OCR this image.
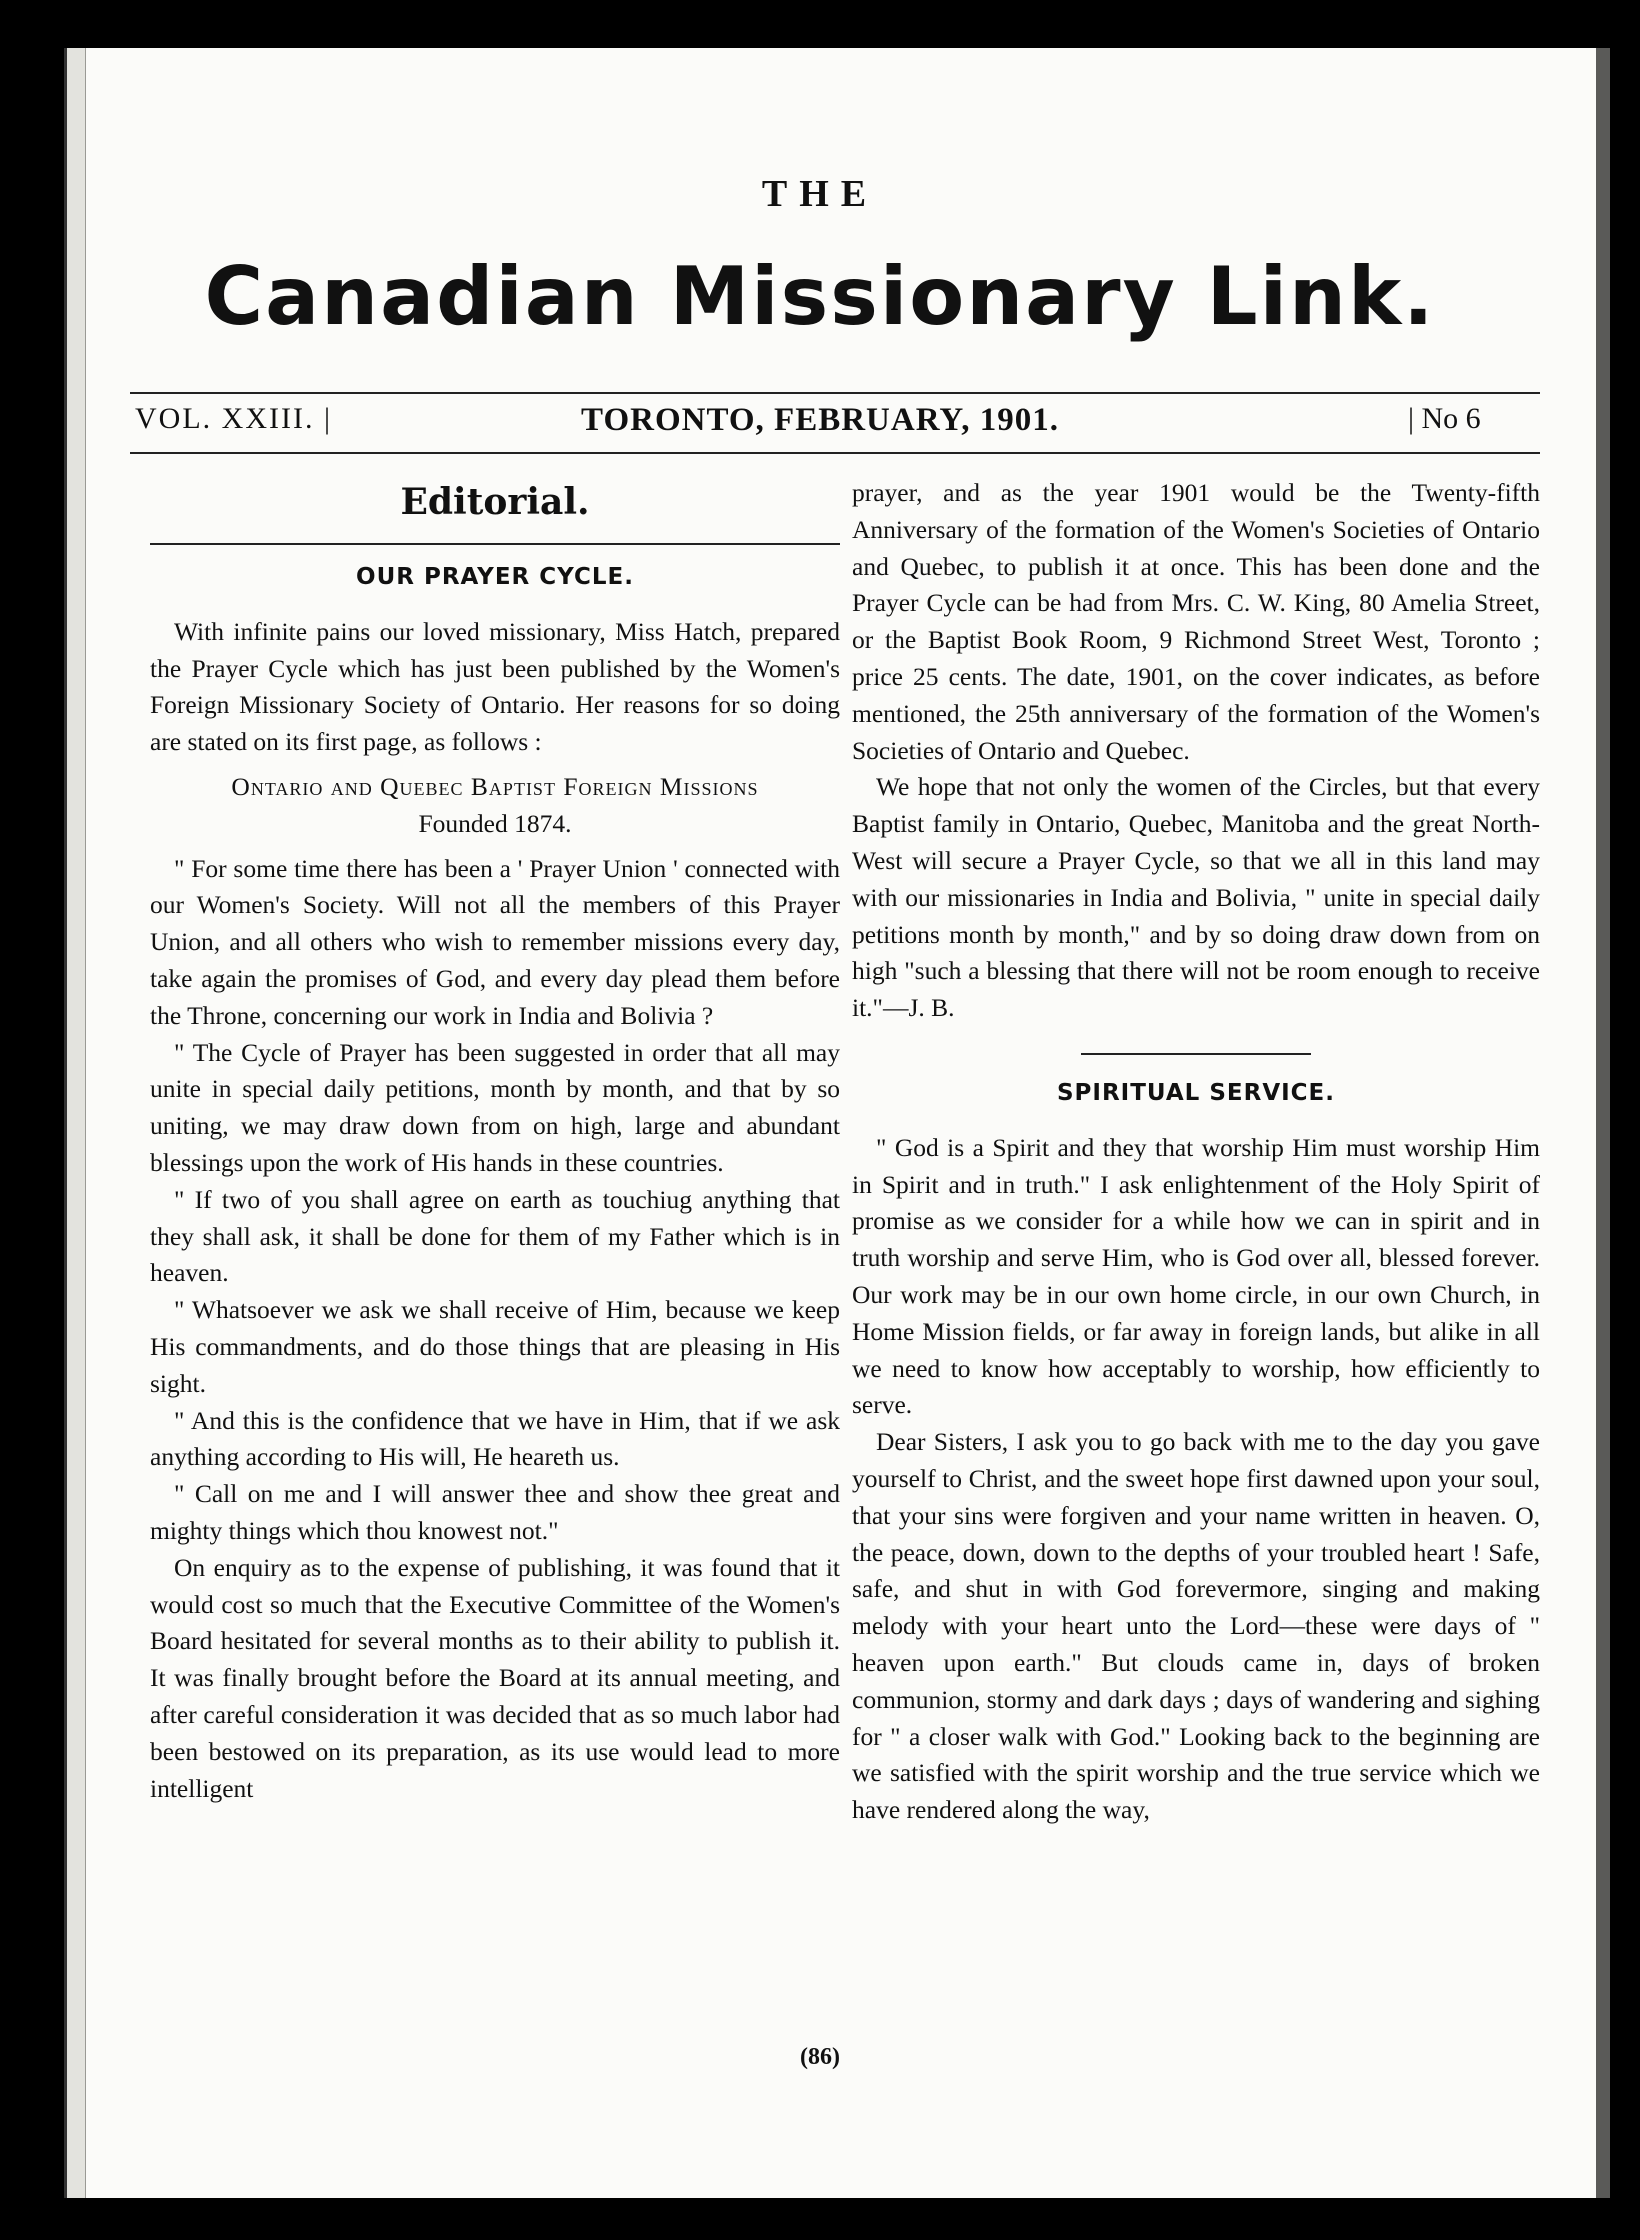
THE
Canadian Missionary Link.
VOL. XXIII. |	TORONTO, FEBRUARY, 1901.	| No 6
Editorial.
OUR PRAYER CYCLE.

With infinite pains our loved missionary, Miss Hatch, prepared the Prayer Cycle which has just been published by the Women's Foreign Missionary Society of Ontario. Her reasons for so doing are stated on its first page, as follows :

Ontario and Quebec Baptist Foreign Missions
Founded 1874.

" For some time there has been a ' Prayer Union ' connected with our Women's Society. Will not all the members of this Prayer Union, and all others who wish to remember missions every day, take again the promises of God, and every day plead them before the Throne, concerning our work in India and Bolivia ?

" The Cycle of Prayer has been suggested in order that all may unite in special daily petitions, month by month, and that by so uniting, we may draw down from on high, large and abundant blessings upon the work of His hands in these countries.

" If two of you shall agree on earth as touchiug anything that they shall ask, it shall be done for them of my Father which is in heaven.

" Whatsoever we ask we shall receive of Him, because we keep His commandments, and do those things that are pleasing in His sight.

" And this is the confidence that we have in Him, that if we ask anything according to His will, He heareth us.

" Call on me and I will answer thee and show thee great and mighty things which thou knowest not."

On enquiry as to the expense of publishing, it was found that it would cost so much that the Executive Committee of the Women's Board hesitated for several months as to their ability to publish it. It was finally brought before the Board at its annual meeting, and after careful consideration it was decided that as so much labor had been bestowed on its preparation, as its use would lead to more intelligent

prayer, and as the year 1901 would be the Twenty-fifth Anniversary of the formation of the Women's Societies of Ontario and Quebec, to publish it at once. This has been done and the Prayer Cycle can be had from Mrs. C. W. King, 80 Amelia Street, or the Baptist Book Room, 9 Richmond Street West, Toronto ; price 25 cents. The date, 1901, on the cover indicates, as before mentioned, the 25th anniversary of the formation of the Women's Societies of Ontario and Quebec.

We hope that not only the women of the Circles, but that every Baptist family in Ontario, Quebec, Manitoba and the great North-West will secure a Prayer Cycle, so that we all in this land may with our missionaries in India and Bolivia, " unite in special daily petitions month by month," and by so doing draw down from on high "such a blessing that there will not be room enough to receive it."—J. B.

SPIRITUAL SERVICE.

" God is a Spirit and they that worship Him must worship Him in Spirit and in truth." I ask enlightenment of the Holy Spirit of promise as we consider for a while how we can in spirit and in truth worship and serve Him, who is God over all, blessed forever. Our work may be in our own home circle, in our own Church, in Home Mission fields, or far away in foreign lands, but alike in all we need to know how acceptably to worship, how efficiently to serve.

Dear Sisters, I ask you to go back with me to the day you gave yourself to Christ, and the sweet hope first dawned upon your soul, that your sins were forgiven and your name written in heaven. O, the peace, down, down to the depths of your troubled heart ! Safe, safe, and shut in with God forevermore, singing and making melody with your heart unto the Lord—these were days of " heaven upon earth." But clouds came in, days of broken communion, stormy and dark days ; days of wandering and sighing for " a closer walk with God." Looking back to the beginning are we satisfied with the spirit worship and the true service which we have rendered along the way,

(86)
